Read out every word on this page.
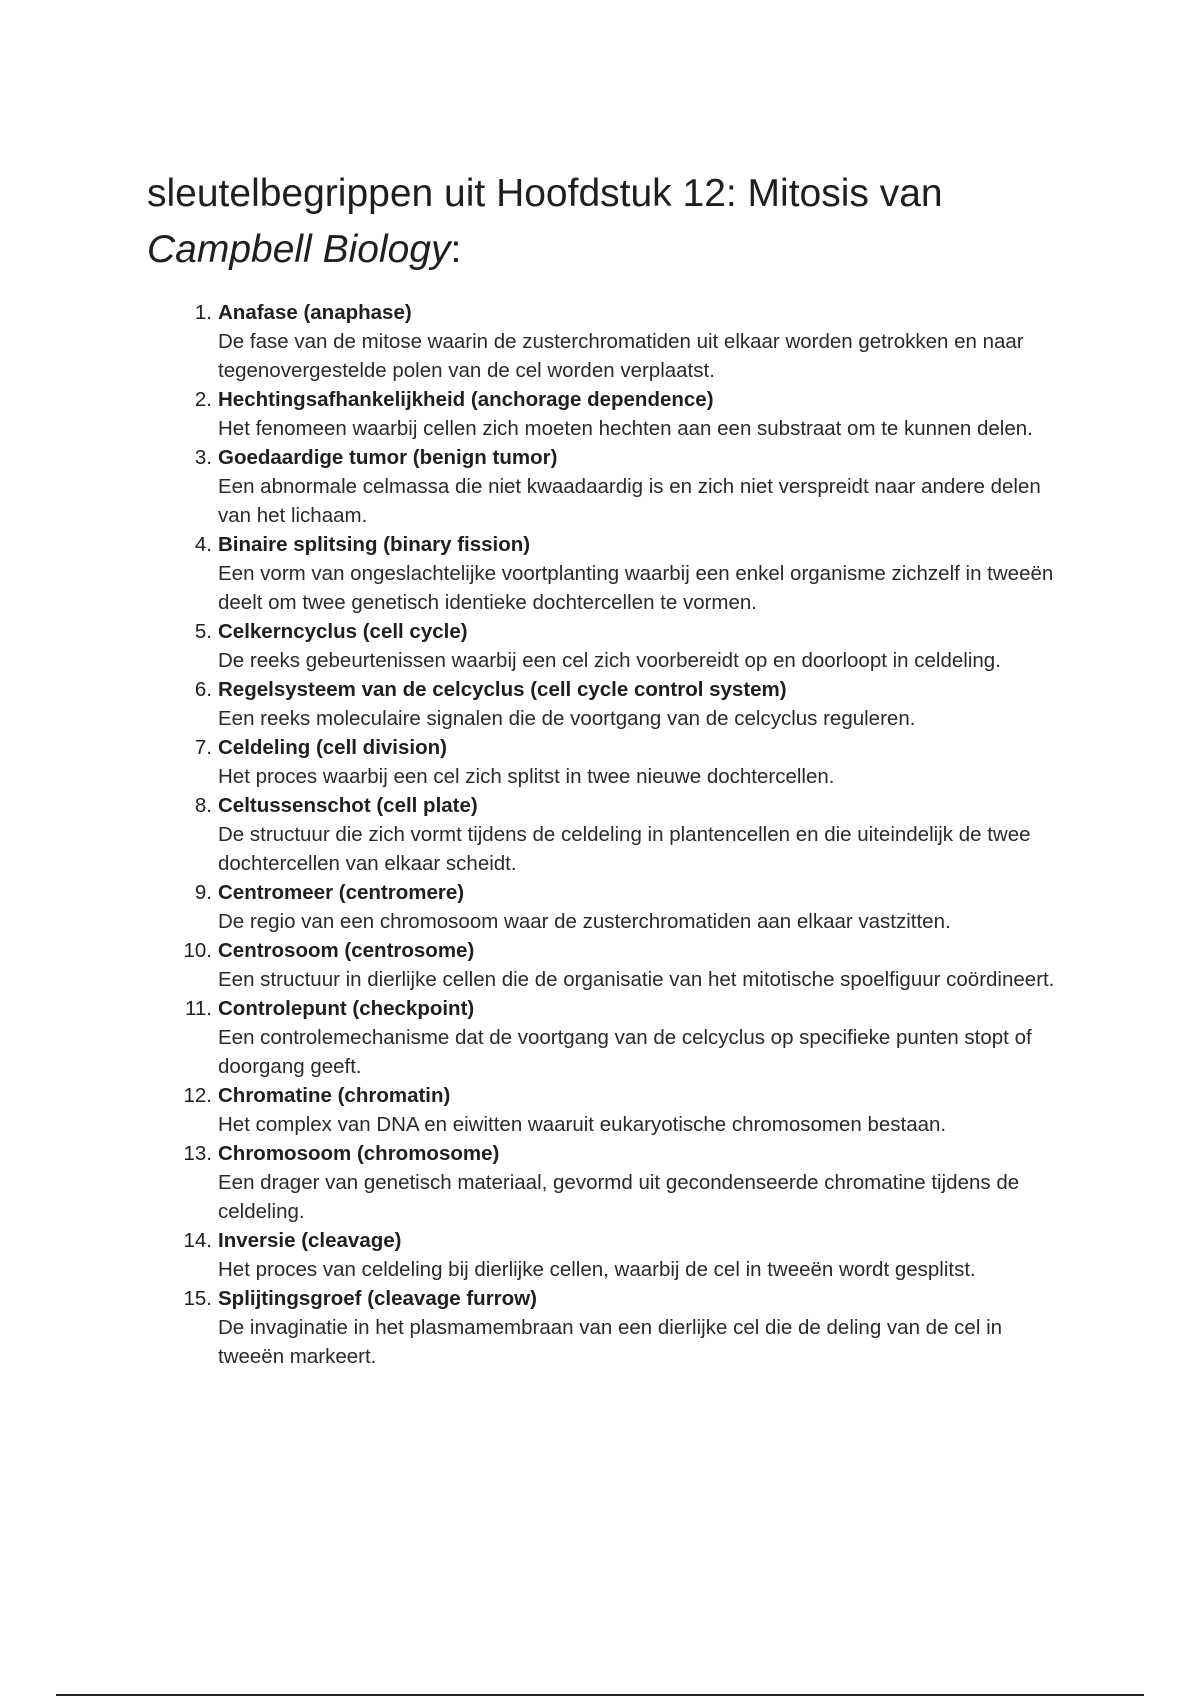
sleutelbegrippen uit Hoofdstuk 12: Mitosis van
Campbell Biology:
1. Anafase (anaphase)
De fase van de mitose waarin de zusterchromatiden uit elkaar worden getrokken en naar tegenovergestelde polen van de cel worden verplaatst.
2. Hechtingsafhankelijkheid (anchorage dependence)
Het fenomeen waarbij cellen zich moeten hechten aan een substraat om te kunnen delen.
3. Goedaardige tumor (benign tumor)
Een abnormale celmassa die niet kwaadaardig is en zich niet verspreidt naar andere delen van het lichaam.
4. Binaire splitsing (binary fission)
Een vorm van ongeslachtelijke voortplanting waarbij een enkel organisme zichzelf in tweeën deelt om twee genetisch identieke dochtercellen te vormen.
5. Celkerncyclus (cell cycle)
De reeks gebeurtenissen waarbij een cel zich voorbereidt op en doorloopt in celdeling.
6. Regelsysteem van de celcyclus (cell cycle control system)
Een reeks moleculaire signalen die de voortgang van de celcyclus reguleren.
7. Celdeling (cell division)
Het proces waarbij een cel zich splitst in twee nieuwe dochtercellen.
8. Celtussenschot (cell plate)
De structuur die zich vormt tijdens de celdeling in plantencellen en die uiteindelijk de twee dochtercellen van elkaar scheidt.
9. Centromeer (centromere)
De regio van een chromosoom waar de zusterchromatiden aan elkaar vastzitten.
10. Centrosoom (centrosome)
Een structuur in dierlijke cellen die de organisatie van het mitotische spoelfiguur coördineert.
11. Controlepunt (checkpoint)
Een controlemechanisme dat de voortgang van de celcyclus op specifieke punten stopt of doorgang geeft.
12. Chromatine (chromatin)
Het complex van DNA en eiwitten waaruit eukaryotische chromosomen bestaan.
13. Chromosoom (chromosome)
Een drager van genetisch materiaal, gevormd uit gecondenseerde chromatine tijdens de celdeling.
14. Inversie (cleavage)
Het proces van celdeling bij dierlijke cellen, waarbij de cel in tweeën wordt gesplitst.
15. Splijtingsgroef (cleavage furrow)
De invaginatie in het plasmamembraan van een dierlijke cel die de deling van de cel in tweeën markeert.
